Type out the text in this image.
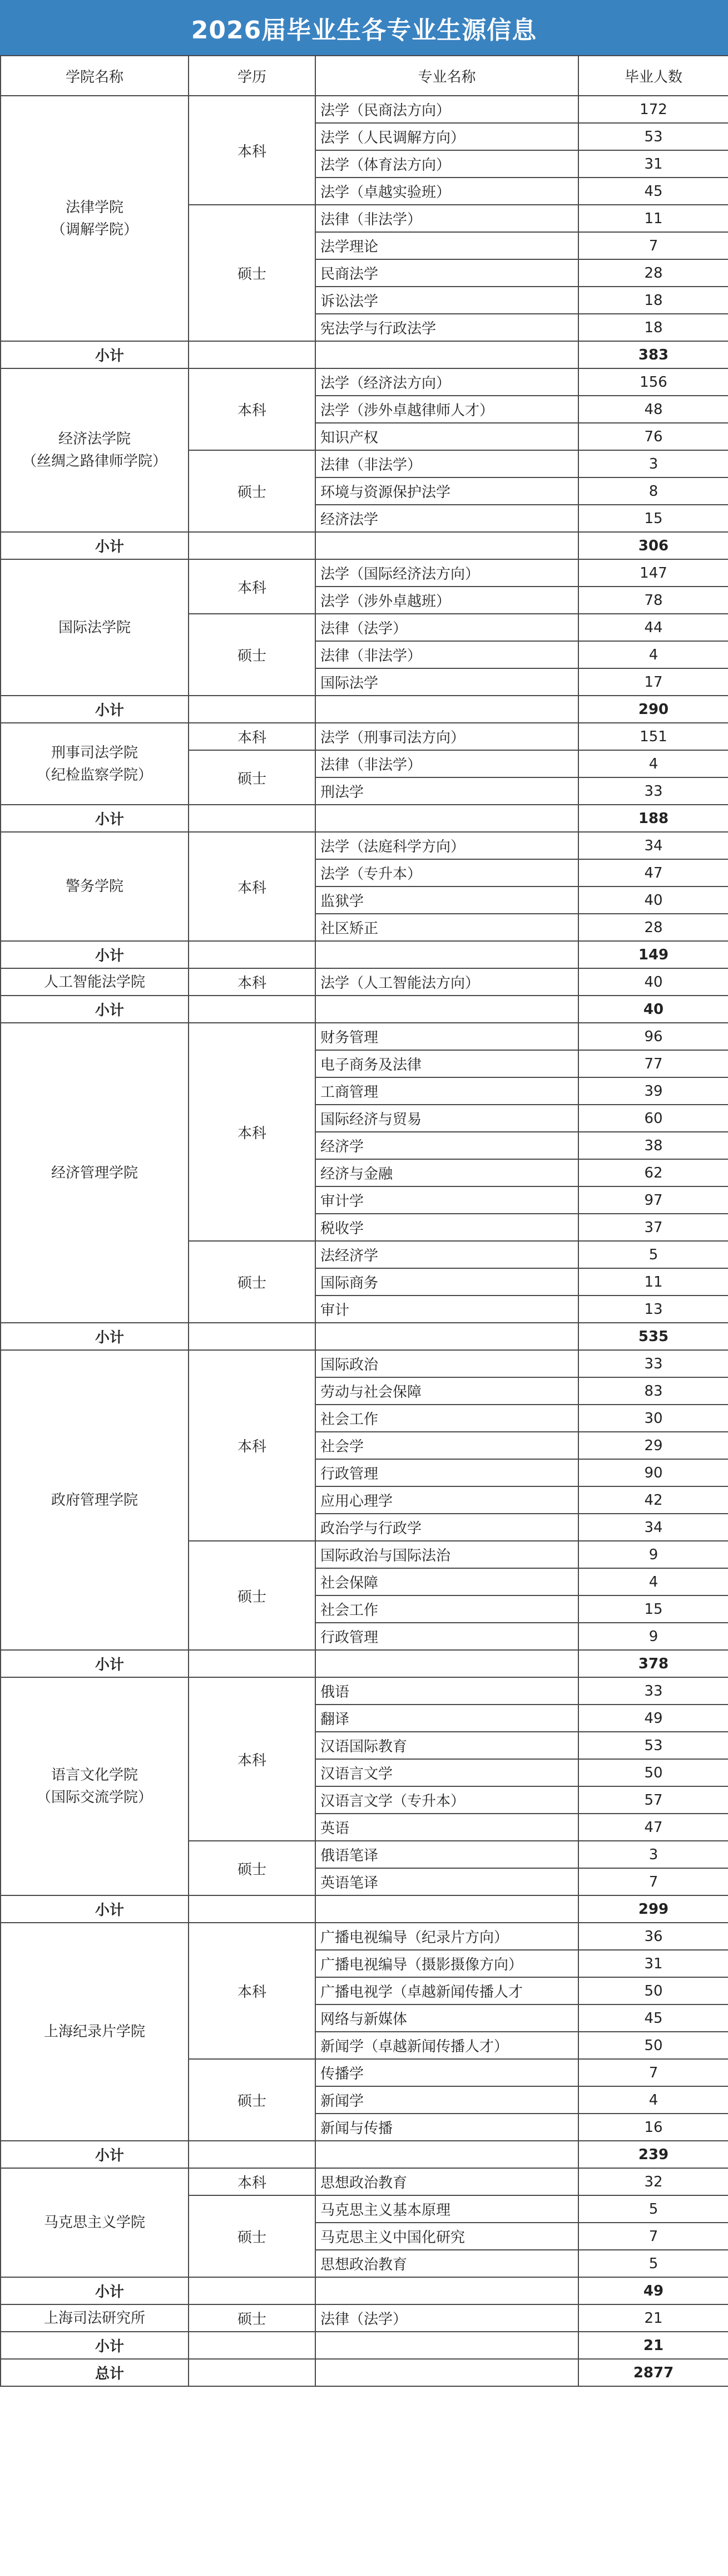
2026届毕业生各专业生源信息
学院名称	学历	专业名称	毕业人数

法律学院
（调解学院）	本科	法学（民商法方向）	172
		法学（人民调解方向）	53
		法学（体育法方向）	31
		法学（卓越实验班）	45
	硕士	法律（非法学）	11
		法学理论	7
		民商法学	28
		诉讼法学	18
		宪法学与行政法学	18
小计			383

经济法学院
（丝绸之路律师学院）	本科	法学（经济法方向）	156
		法学（涉外卓越律师人才）	48
		知识产权	76
	硕士	法律（非法学）	3
		环境与资源保护法学	8
		经济法学	15
小计			306

国际法学院	本科	法学（国际经济法方向）	147
		法学（涉外卓越班）	78
	硕士	法律（法学）	44
		法律（非法学）	4
		国际法学	17
小计			290

刑事司法学院
（纪检监察学院）	本科	法学（刑事司法方向）	151
	硕士	法律（非法学）	4
		刑法学	33
小计			188

警务学院	本科	法学（法庭科学方向）	34
		法学（专升本）	47
		监狱学	40
		社区矫正	28
小计			149

人工智能法学院	本科	法学（人工智能法方向）	40
小计			40

经济管理学院	本科	财务管理	96
		电子商务及法律	77
		工商管理	39
		国际经济与贸易	60
		经济学	38
		经济与金融	62
		审计学	97
		税收学	37
	硕士	法经济学	5
		国际商务	11
		审计	13
小计			535

政府管理学院	本科	国际政治	33
		劳动与社会保障	83
		社会工作	30
		社会学	29
		行政管理	90
		应用心理学	42
		政治学与行政学	34
	硕士	国际政治与国际法治	9
		社会保障	4
		社会工作	15
		行政管理	9
小计			378

语言文化学院
（国际交流学院）	本科	俄语	33
		翻译	49
		汉语国际教育	53
		汉语言文学	50
		汉语言文学（专升本）	57
		英语	47
	硕士	俄语笔译	3
		英语笔译	7
小计			299

上海纪录片学院	本科	广播电视编导（纪录片方向）	36
		广播电视编导（摄影摄像方向）	31
		广播电视学（卓越新闻传播人才	50
		网络与新媒体	45
		新闻学（卓越新闻传播人才）	50
	硕士	传播学	7
		新闻学	4
		新闻与传播	16
小计			239

马克思主义学院	本科	思想政治教育	32
	硕士	马克思主义基本原理	5
		马克思主义中国化研究	7
		思想政治教育	5
小计			49

上海司法研究所	硕士	法律（法学）	21
小计			21
总计			2877
